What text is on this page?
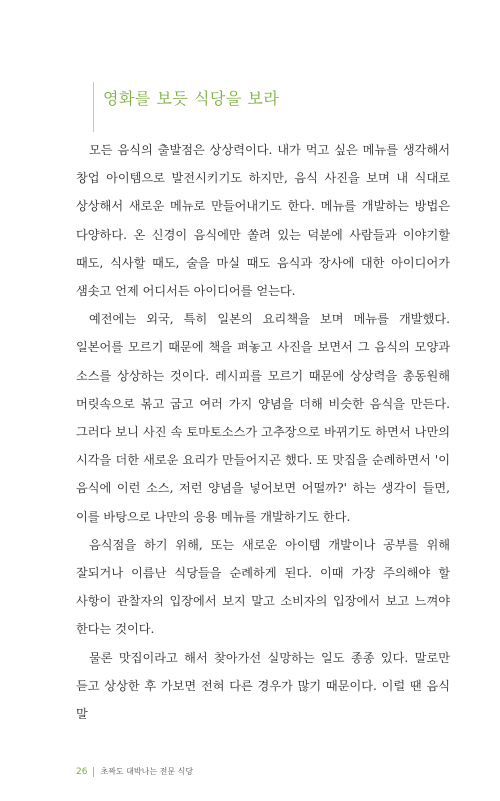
영화를 보듯 식당을 보라

모든 음식의 출발점은 상상력이다. 내가 먹고 싶은 메뉴를 생각해서 창업 아이템으로 발전시키기도 하지만, 음식 사진을 보며 내 식대로 상상해서 새로운 메뉴로 만들어내기도 한다. 메뉴를 개발하는 방법은 다양하다. 온 신경이 음식에만 쏠려 있는 덕분에 사람들과 이야기할 때도, 식사할 때도, 술을 마실 때도 음식과 장사에 대한 아이디어가 샘솟고 언제 어디서든 아이디어를 얻는다.

예전에는 외국, 특히 일본의 요리책을 보며 메뉴를 개발했다. 일본어를 모르기 때문에 책을 펴놓고 사진을 보면서 그 음식의 모양과 소스를 상상하는 것이다. 레시피를 모르기 때문에 상상력을 총동원해 머릿속으로 볶고 굽고 여러 가지 양념을 더해 비슷한 음식을 만든다. 그러다 보니 사진 속 토마토소스가 고추장으로 바뀌기도 하면서 나만의 시각을 더한 새로운 요리가 만들어지곤 했다. 또 맛집을 순례하면서 '이 음식에 이런 소스, 저런 양념을 넣어보면 어떨까?' 하는 생각이 들면, 이를 바탕으로 나만의 응용 메뉴를 개발하기도 한다.

음식점을 하기 위해, 또는 새로운 아이템 개발이나 공부를 위해 잘되거나 이름난 식당들을 순례하게 된다. 이때 가장 주의해야 할 사항이 관찰자의 입장에서 보지 말고 소비자의 입장에서 보고 느껴야 한다는 것이다.

물론 맛집이라고 해서 찾아가선 실망하는 일도 종종 있다. 말로만 듣고 상상한 후 가보면 전혀 다른 경우가 많기 때문이다. 이럴 땐 음식 말

26 초짜도 대박나는 전문 식당
